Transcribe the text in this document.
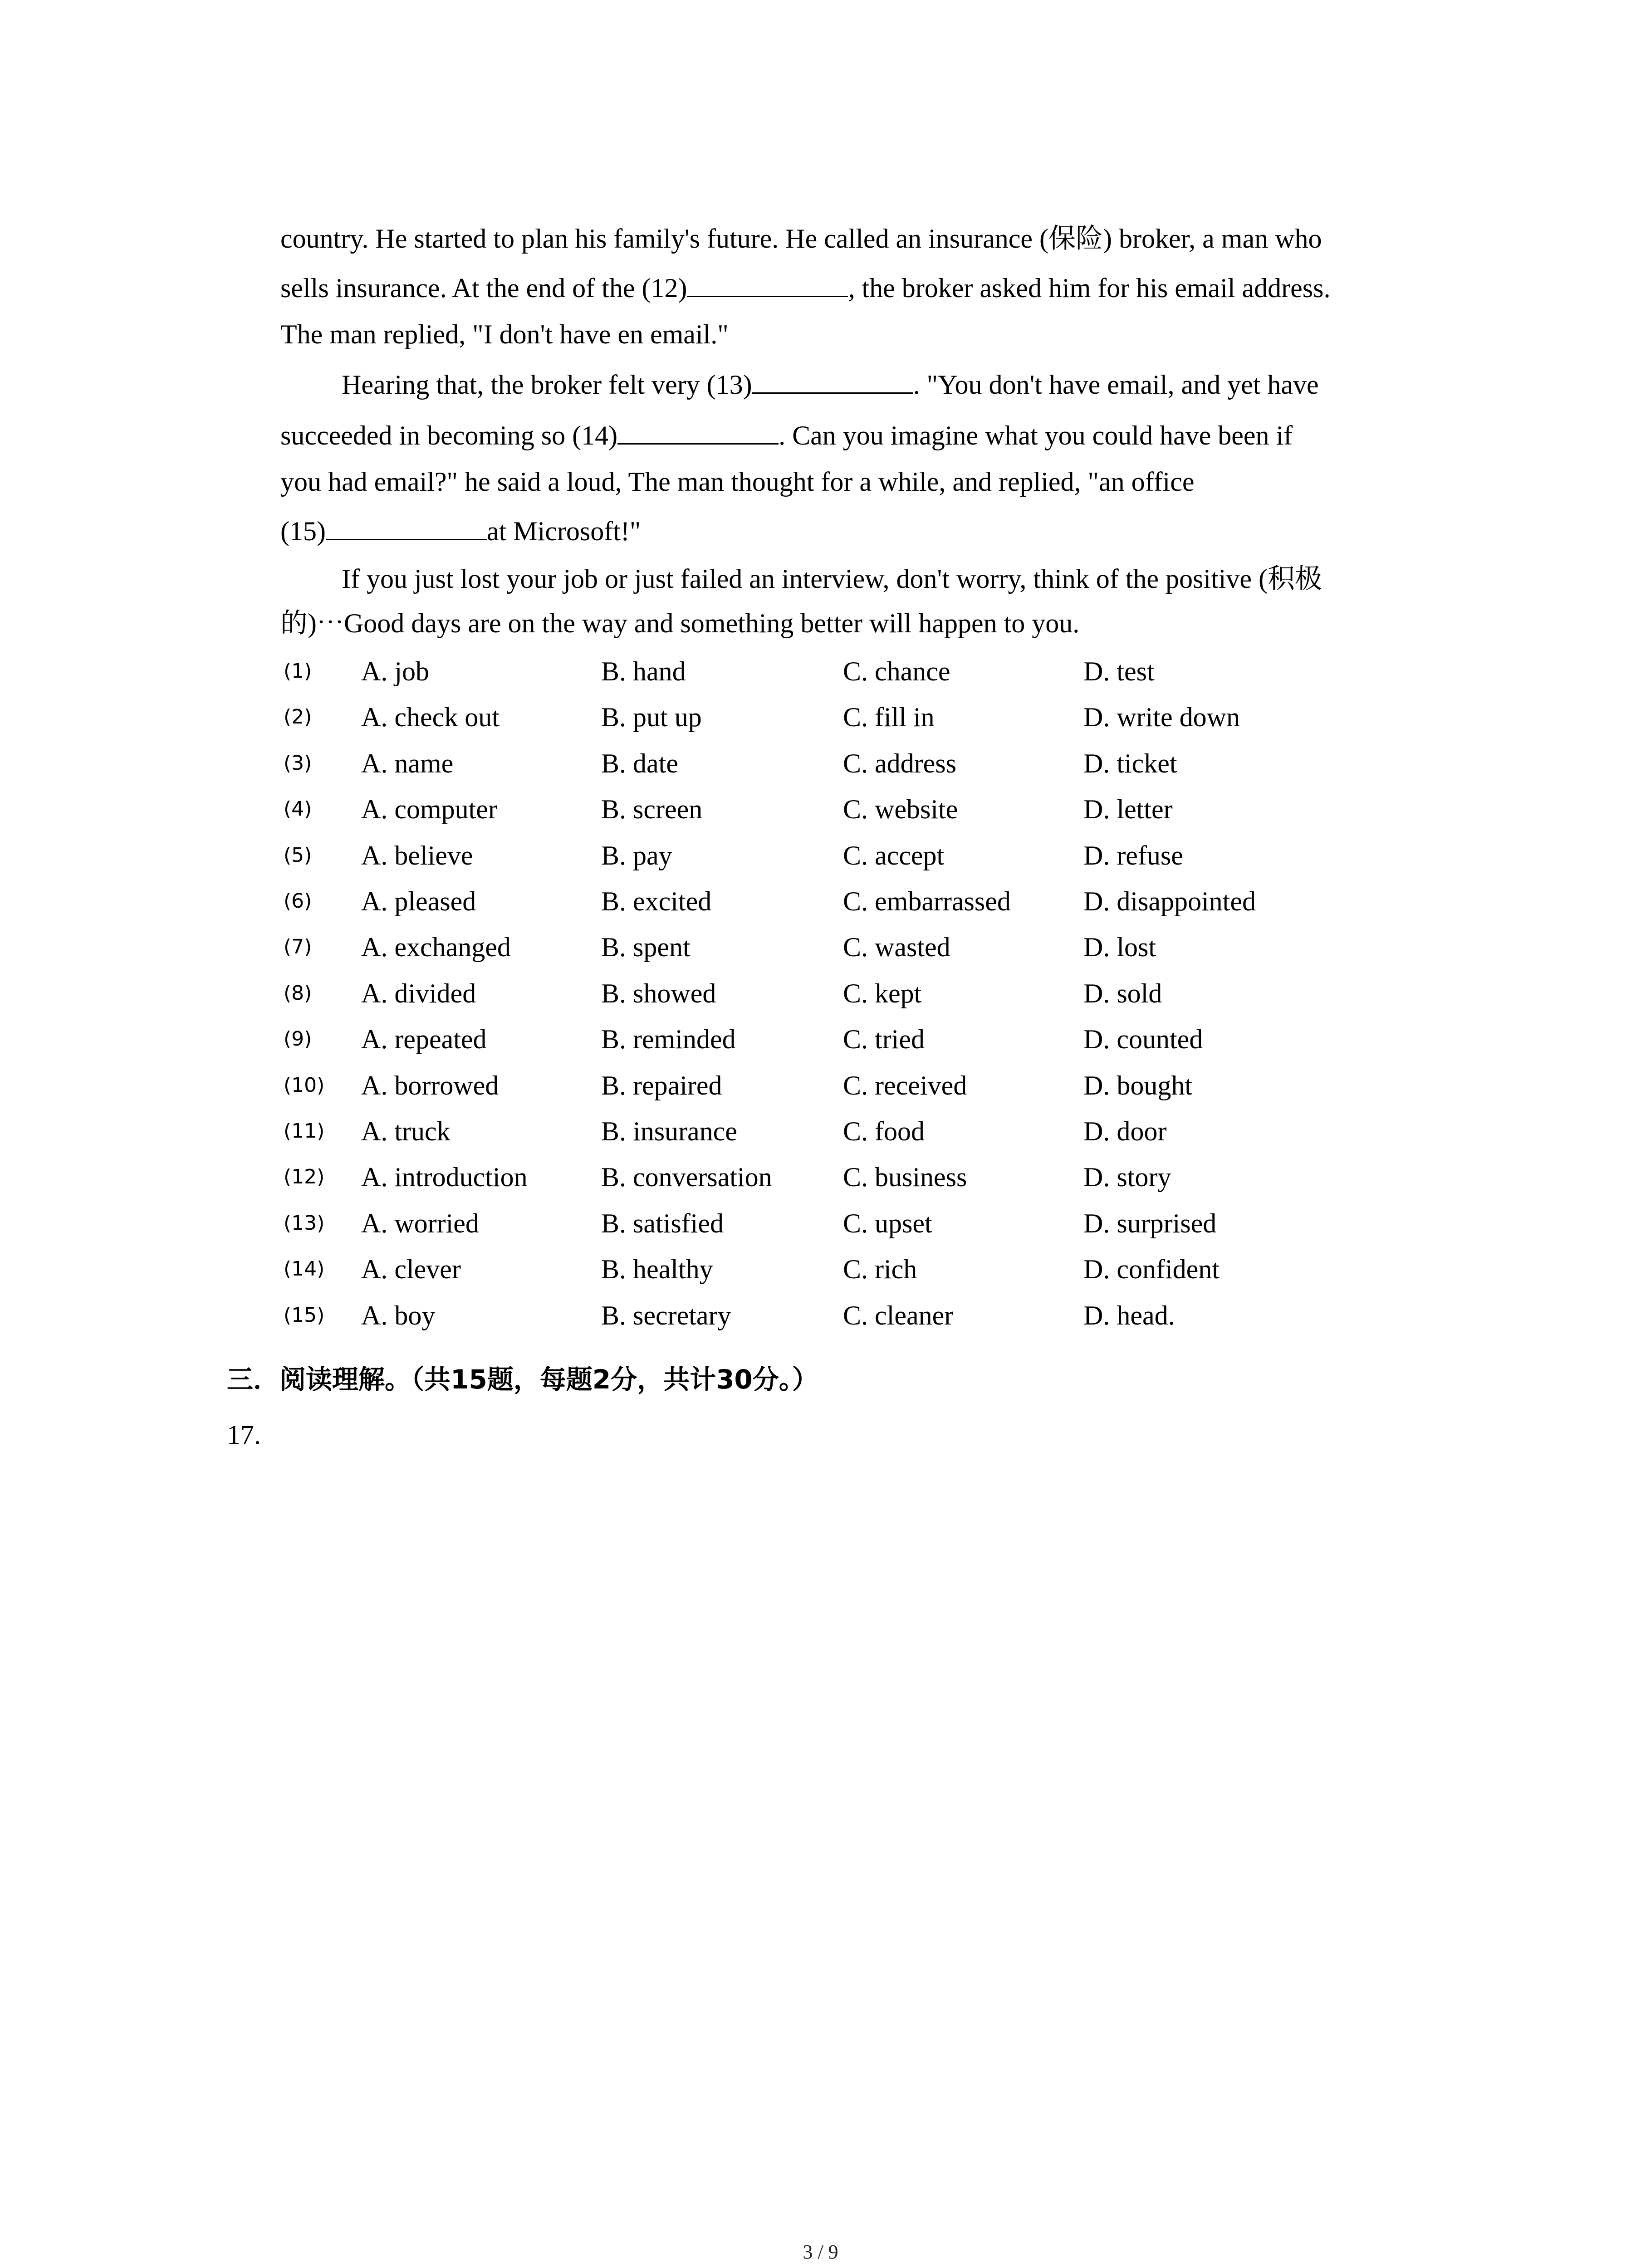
country. He started to plan his family's future. He called an insurance (保险) broker, a man who
sells insurance. At the end of the (12)	, the broker asked him for his email address.
The man replied, "I don't have en email."
Hearing that, the broker felt very (13)	. "You don't have email, and yet have
succeeded in becoming so (14)	. Can you imagine what you could have been if
you had email?" he said a loud, The man thought for a while, and replied, "an office
(15)	at Microsoft!"
If you just lost your job or just failed an interview, don't worry, think of the positive (积极
的)⋯Good days are on the way and something better will happen to you.
(1) A. job	B. hand	C. chance	D. test
(2) A. check out	B. put up	C. fill in	D. write down
(3) A. name	B. date	C. address	D. ticket
(4) A. computer	B. screen	C. website	D. letter
(5) A. believe	B. pay	C. accept	D. refuse
(6) A. pleased	B. excited	C. embarrassed	D. disappointed
(7) A. exchanged	B. spent	C. wasted	D. lost
(8) A. divided	B. showed	C. kept	D. sold
(9) A. repeated	B. reminded	C. tried	D. counted
(10) A. borrowed	B. repaired	C. received	D. bought
(11) A. truck	B. insurance	C. food	D. door
(12) A. introduction	B. conversation	C. business	D. story
(13) A. worried	B. satisfied	C. upset	D. surprised
(14) A. clever	B. healthy	C. rich	D. confident
(15) A. boy	B. secretary	C. cleaner	D. head.
三．阅读理解。（共15题，每题2分，共计30分。）
17.
3 / 9
